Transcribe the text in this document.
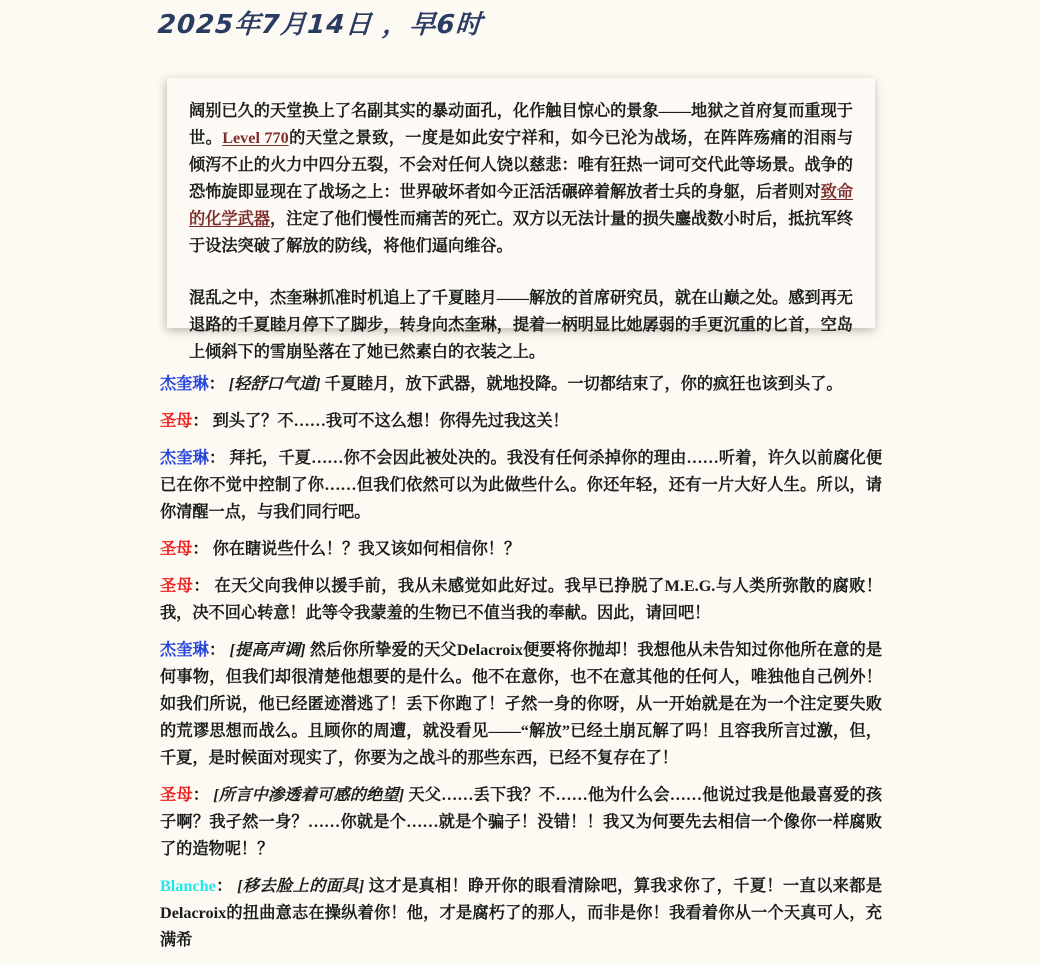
2025年7月14日 ，早6时

阔别已久的天堂换上了名副其实的暴动面孔，化作触目惊心的景象——地狱之首府复而重现于世。Level 770的天堂之景致，一度是如此安宁祥和，如今已沦为战场，在阵阵殇痛的泪雨与倾泻不止的火力中四分五裂，不会对任何人饶以慈悲：唯有狂热一词可交代此等场景。战争的恐怖旋即显现在了战场之上：世界破坏者如今正活活碾碎着解放者士兵的身躯，后者则对致命的化学武器，注定了他们慢性而痛苦的死亡。双方以无法计量的损失鏖战数小时后，抵抗军终于设法突破了解放的防线，将他们逼向维谷。

混乱之中，杰奎琳抓准时机追上了千夏睦月——解放的首席研究员，就在山巅之处。感到再无退路的千夏睦月停下了脚步，转身向杰奎琳，提着一柄明显比她孱弱的手更沉重的匕首，空岛上倾斜下的雪崩坠落在了她已然素白的衣装之上。

杰奎琳： [轻舒口气道] 千夏睦月，放下武器，就地投降。一切都结束了，你的疯狂也该到头了。

圣母： 到头了？不……我可不这么想！你得先过我这关！

杰奎琳： 拜托，千夏……你不会因此被处决的。我没有任何杀掉你的理由……听着，许久以前腐化便已在你不觉中控制了你……但我们依然可以为此做些什么。你还年轻，还有一片大好人生。所以，请你清醒一点，与我们同行吧。

圣母： 你在瞎说些什么！？我又该如何相信你！？

圣母： 在天父向我伸以援手前，我从未感觉如此好过。我早已挣脱了M.E.G.与人类所弥散的腐败！我，决不回心转意！此等令我蒙羞的生物已不值当我的奉献。因此，请回吧！

杰奎琳： [提高声调] 然后你所挚爱的天父Delacroix便要将你抛却！我想他从未告知过你他所在意的是何事物，但我们却很清楚他想要的是什么。他不在意你，也不在意其他的任何人，唯独他自己例外！如我们所说，他已经匿迹潜逃了！丢下你跑了！孑然一身的你呀，从一开始就是在为一个注定要失败的荒谬思想而战么。且顾你的周遭，就没看见——“解放”已经土崩瓦解了吗！且容我所言过激，但，千夏，是时候面对现实了，你要为之战斗的那些东西，已经不复存在了！

圣母： [所言中渗透着可感的绝望] 天父……丢下我？不……他为什么会……他说过我是他最喜爱的孩子啊？我孑然一身？……你就是个……就是个骗子！没错！！我又为何要先去相信一个像你一样腐败了的造物呢！？

Blanche： [移去脸上的面具] 这才是真相！睁开你的眼看清除吧，算我求你了，千夏！一直以来都是Delacroix的扭曲意志在操纵着你！他，才是腐朽了的那人，而非是你！我看着你从一个天真可人，充满希
